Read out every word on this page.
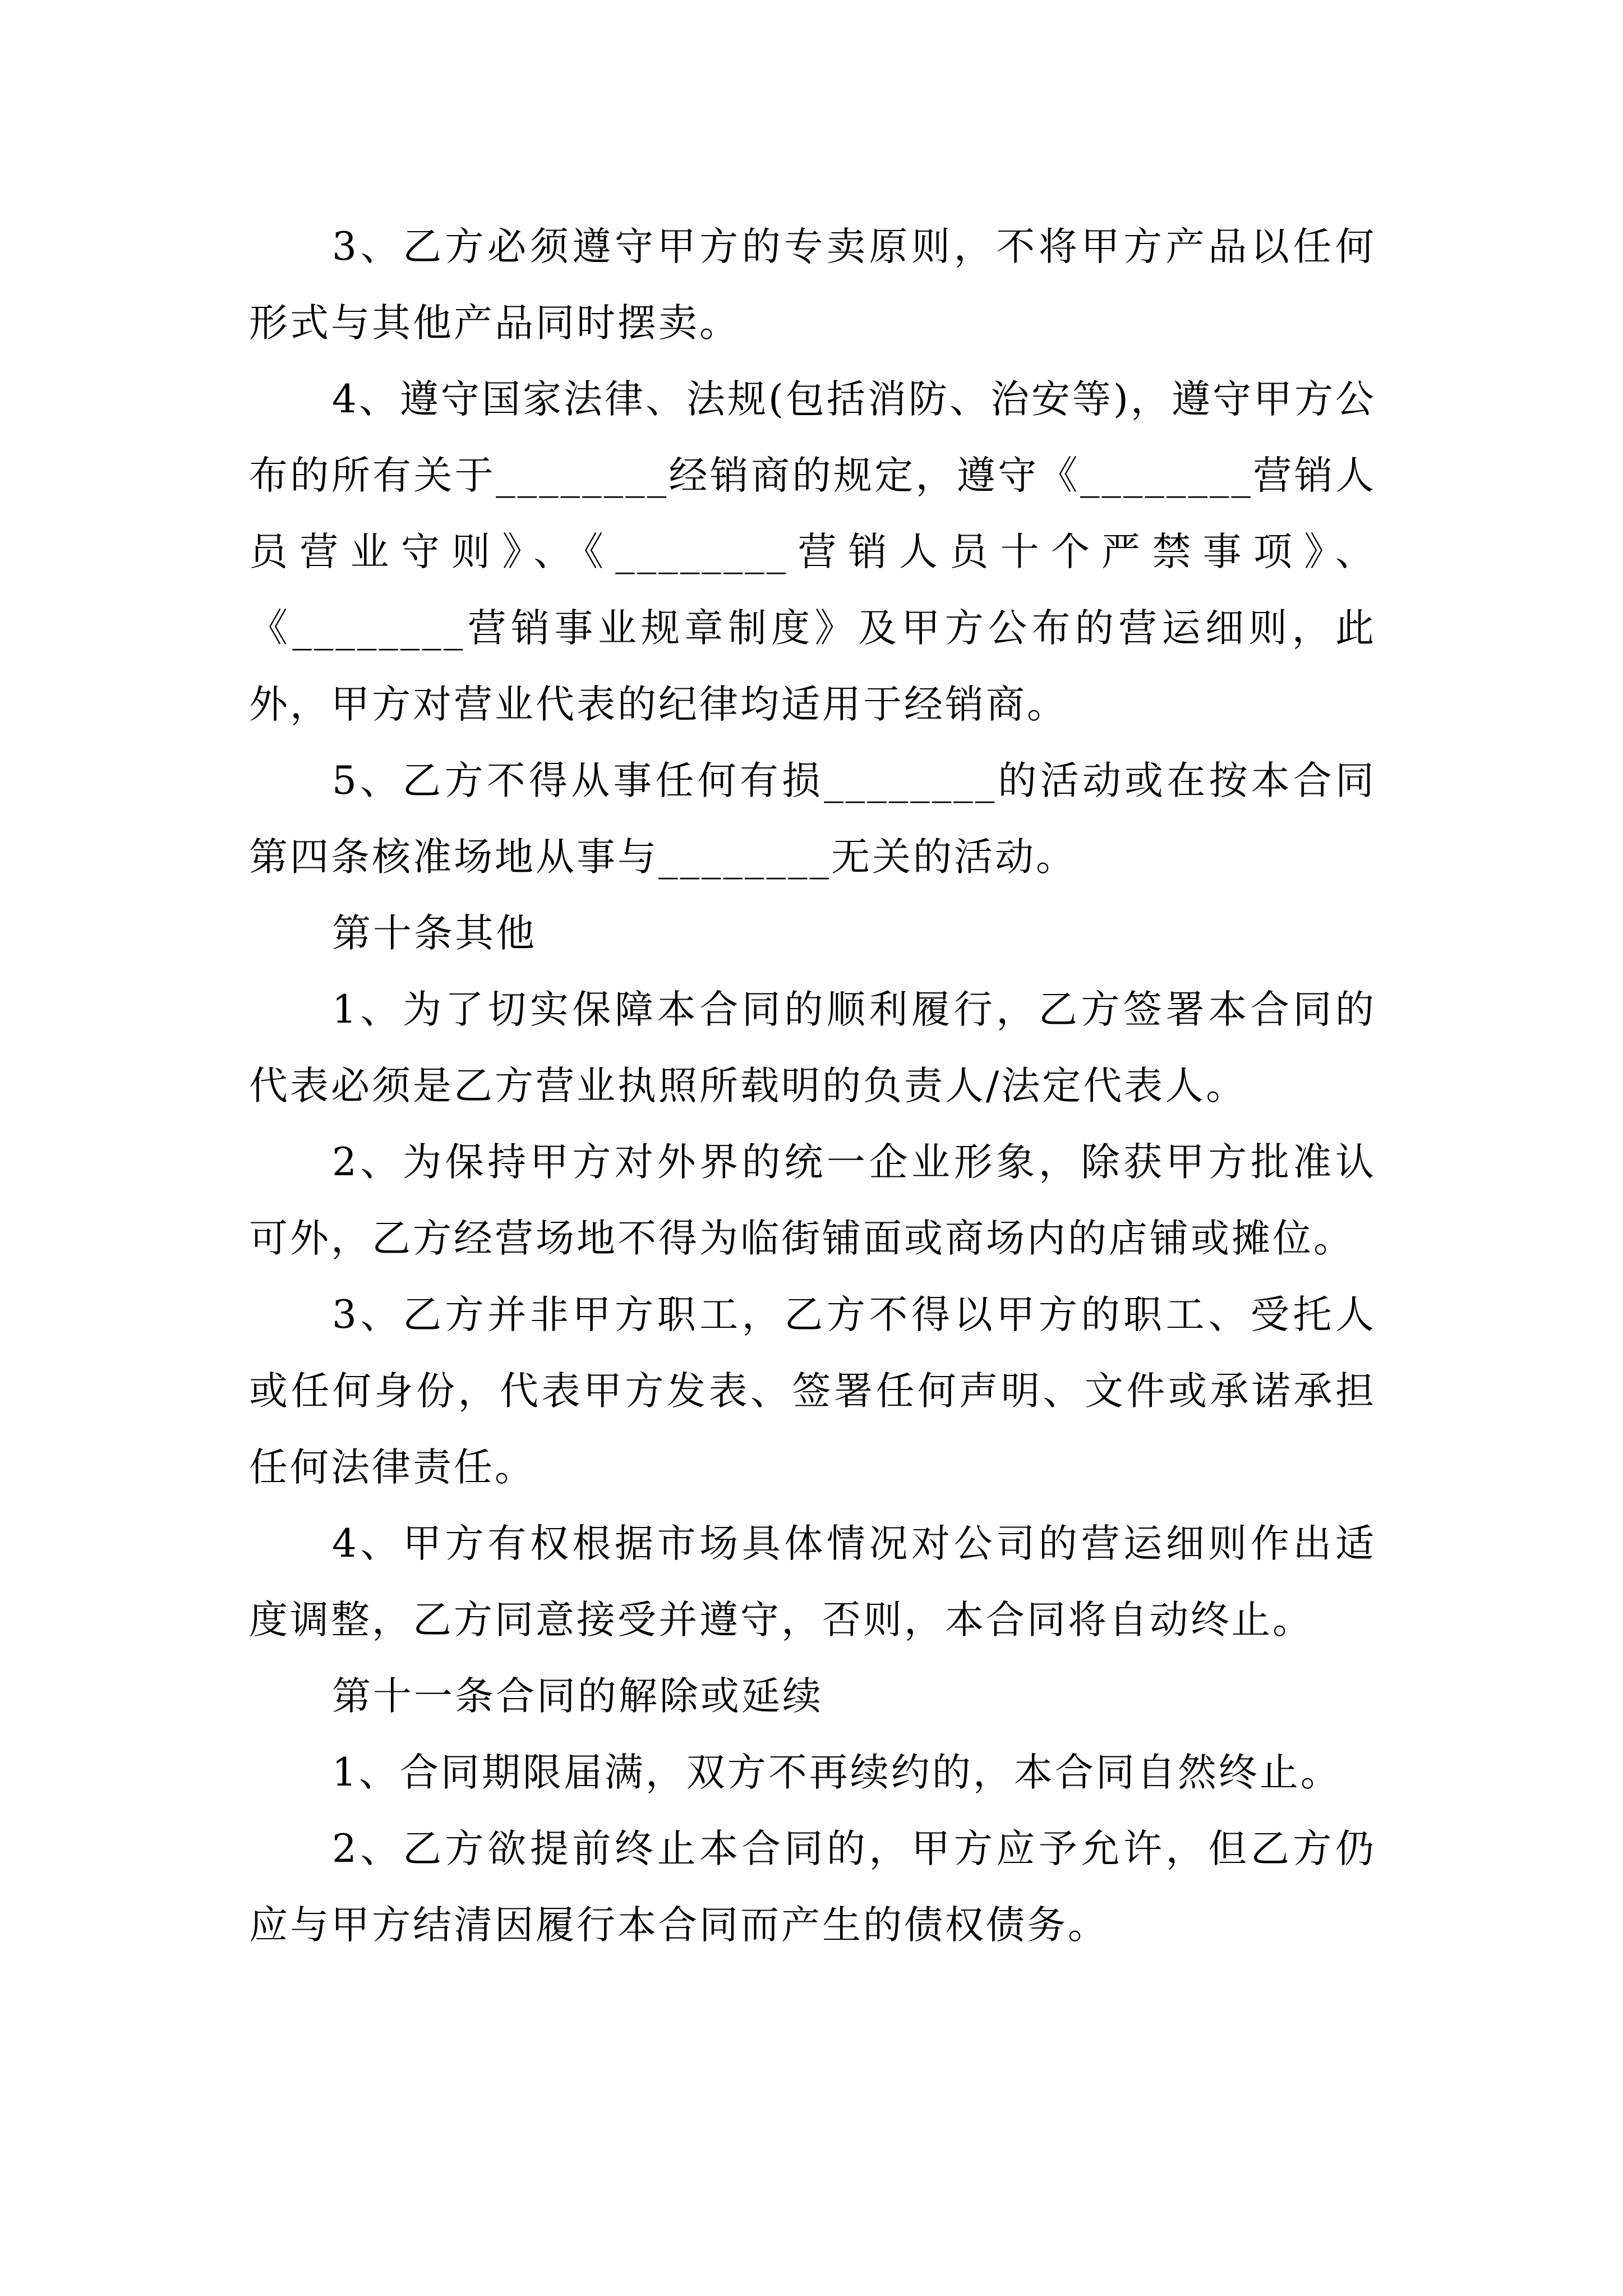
3、乙方必须遵守甲方的专卖原则，不将甲方产品以任何形式与其他产品同时摆卖。

4、遵守国家法律、法规(包括消防、治安等)，遵守甲方公布的所有关于________经销商的规定，遵守《________营销人员营业守则》、《________营销人员十个严禁事项》、《________营销事业规章制度》及甲方公布的营运细则，此外，甲方对营业代表的纪律均适用于经销商。

5、乙方不得从事任何有损________的活动或在按本合同第四条核准场地从事与________无关的活动。

第十条其他

1、为了切实保障本合同的顺利履行，乙方签署本合同的代表必须是乙方营业执照所载明的负责人/法定代表人。

2、为保持甲方对外界的统一企业形象，除获甲方批准认可外，乙方经营场地不得为临街铺面或商场内的店铺或摊位。

3、乙方并非甲方职工，乙方不得以甲方的职工、受托人或任何身份，代表甲方发表、签署任何声明、文件或承诺承担任何法律责任。

4、甲方有权根据市场具体情况对公司的营运细则作出适度调整，乙方同意接受并遵守，否则，本合同将自动终止。

第十一条合同的解除或延续

1、合同期限届满，双方不再续约的，本合同自然终止。

2、乙方欲提前终止本合同的，甲方应予允许，但乙方仍应与甲方结清因履行本合同而产生的债权债务。
